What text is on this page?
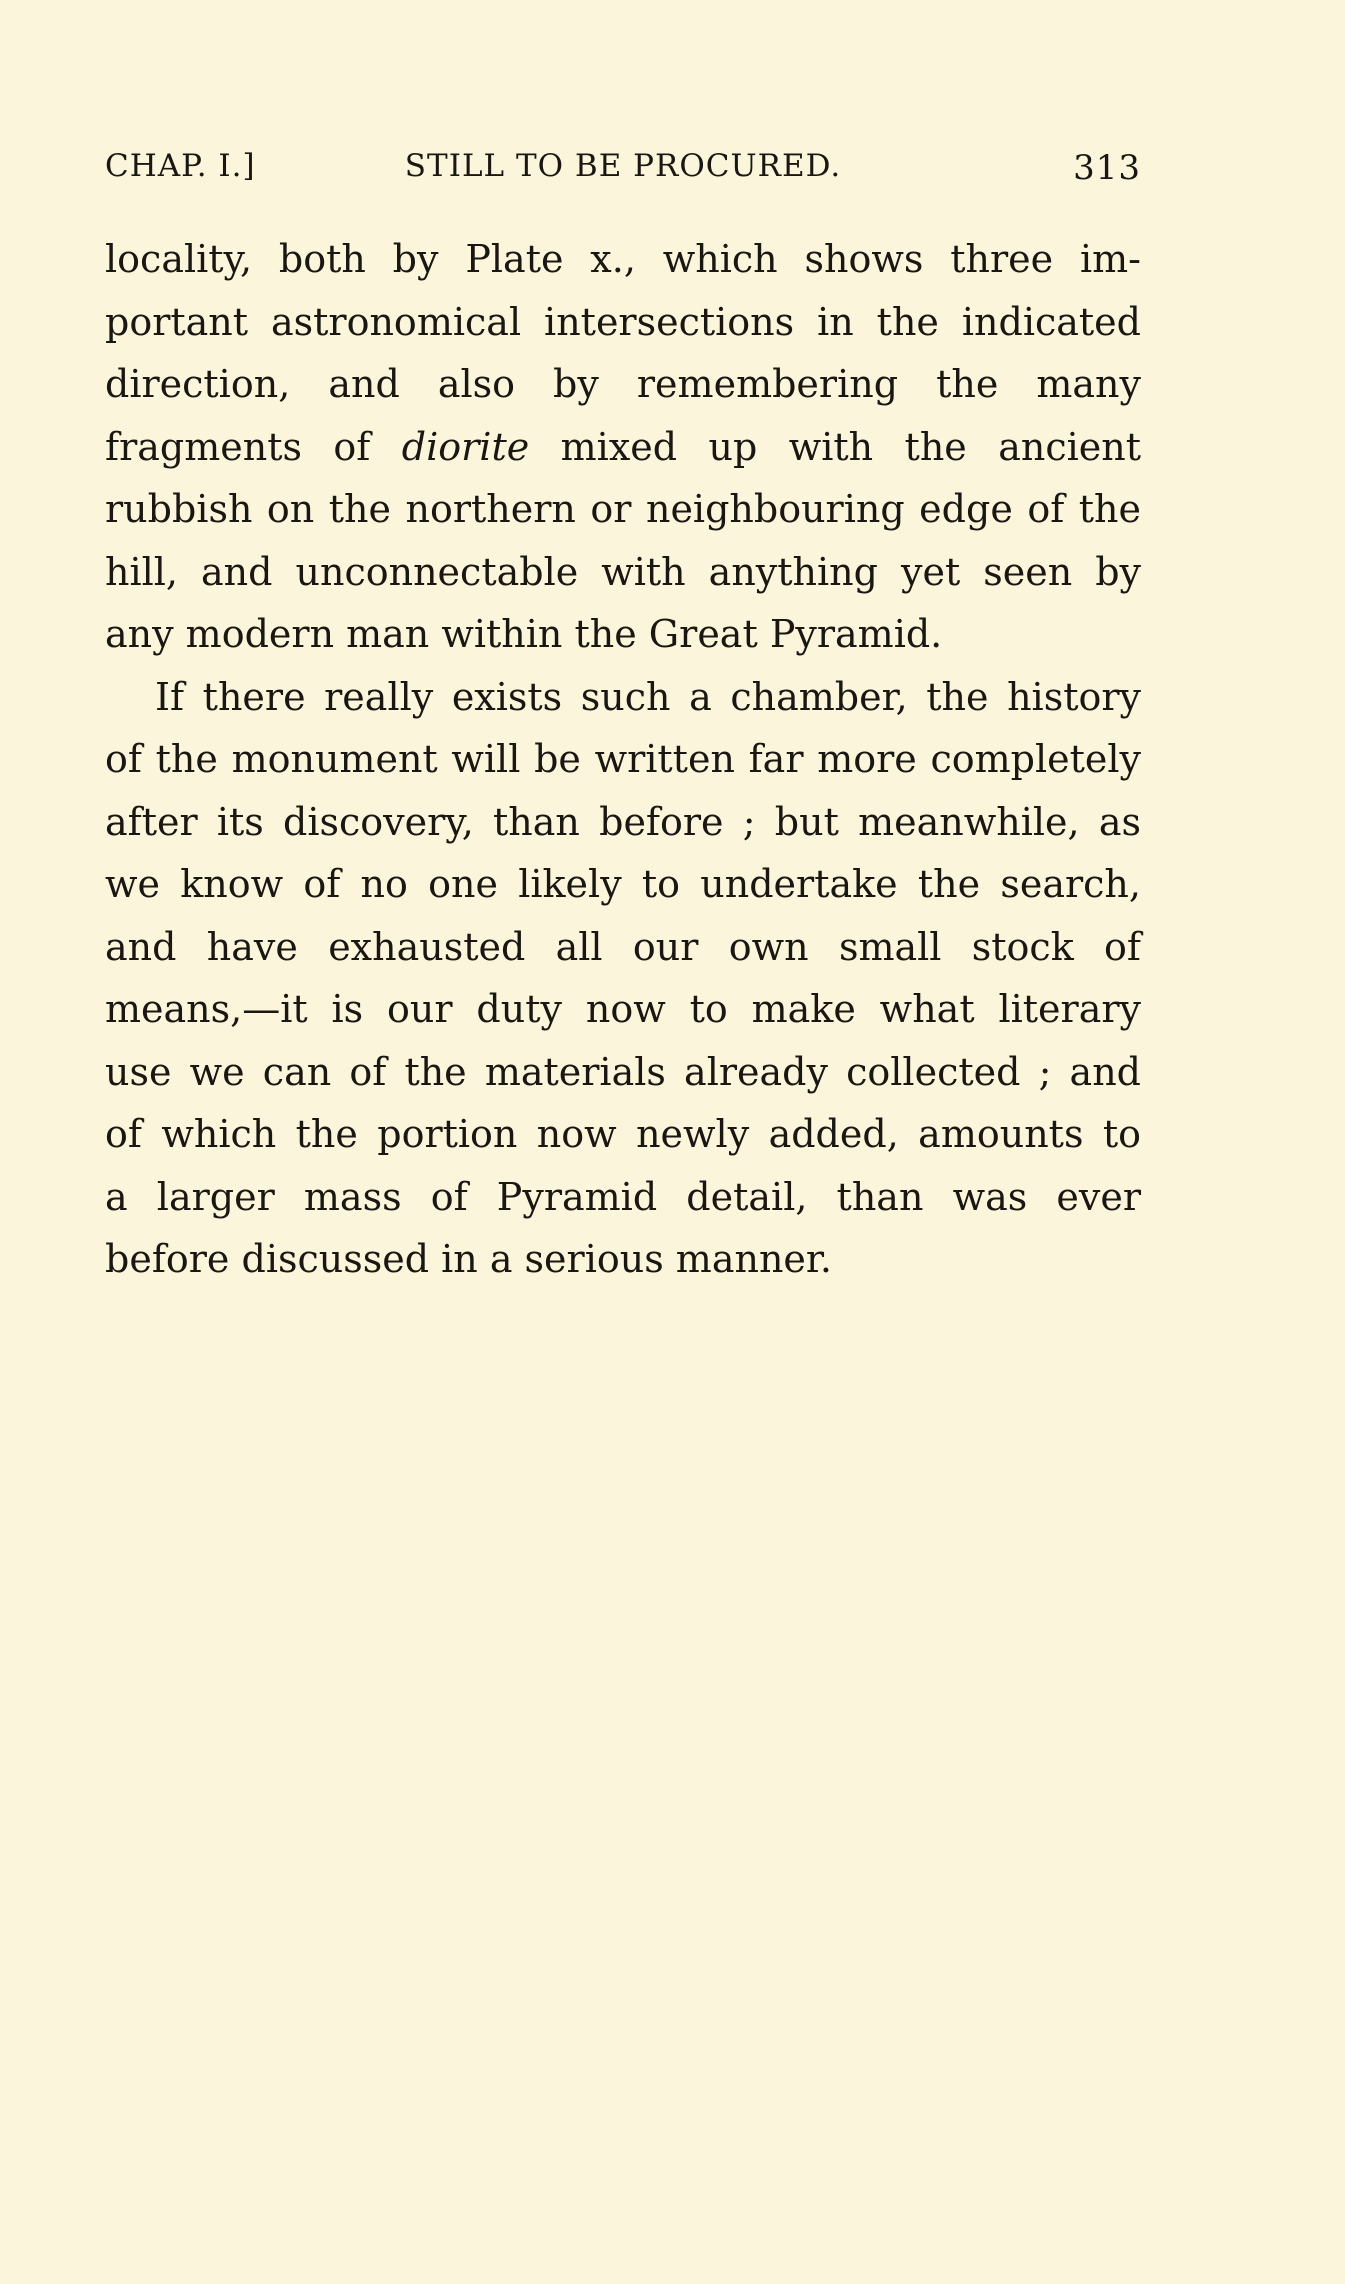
CHAP. I.]	STILL TO BE PROCURED.	313
locality, both by Plate x., which shows three im-
portant astronomical intersections in the indicated
direction, and also by remembering the many
fragments of diorite mixed up with the ancient
rubbish on the northern or neighbouring edge of the
hill, and unconnectable with anything yet seen by
any modern man within the Great Pyramid.
If there really exists such a chamber, the history
of the monument will be written far more completely
after its discovery, than before ; but meanwhile, as
we know of no one likely to undertake the search,
and have exhausted all our own small stock of
means,—it is our duty now to make what literary
use we can of the materials already collected ; and
of which the portion now newly added, amounts to
a larger mass of Pyramid detail, than was ever
before discussed in a serious manner.
